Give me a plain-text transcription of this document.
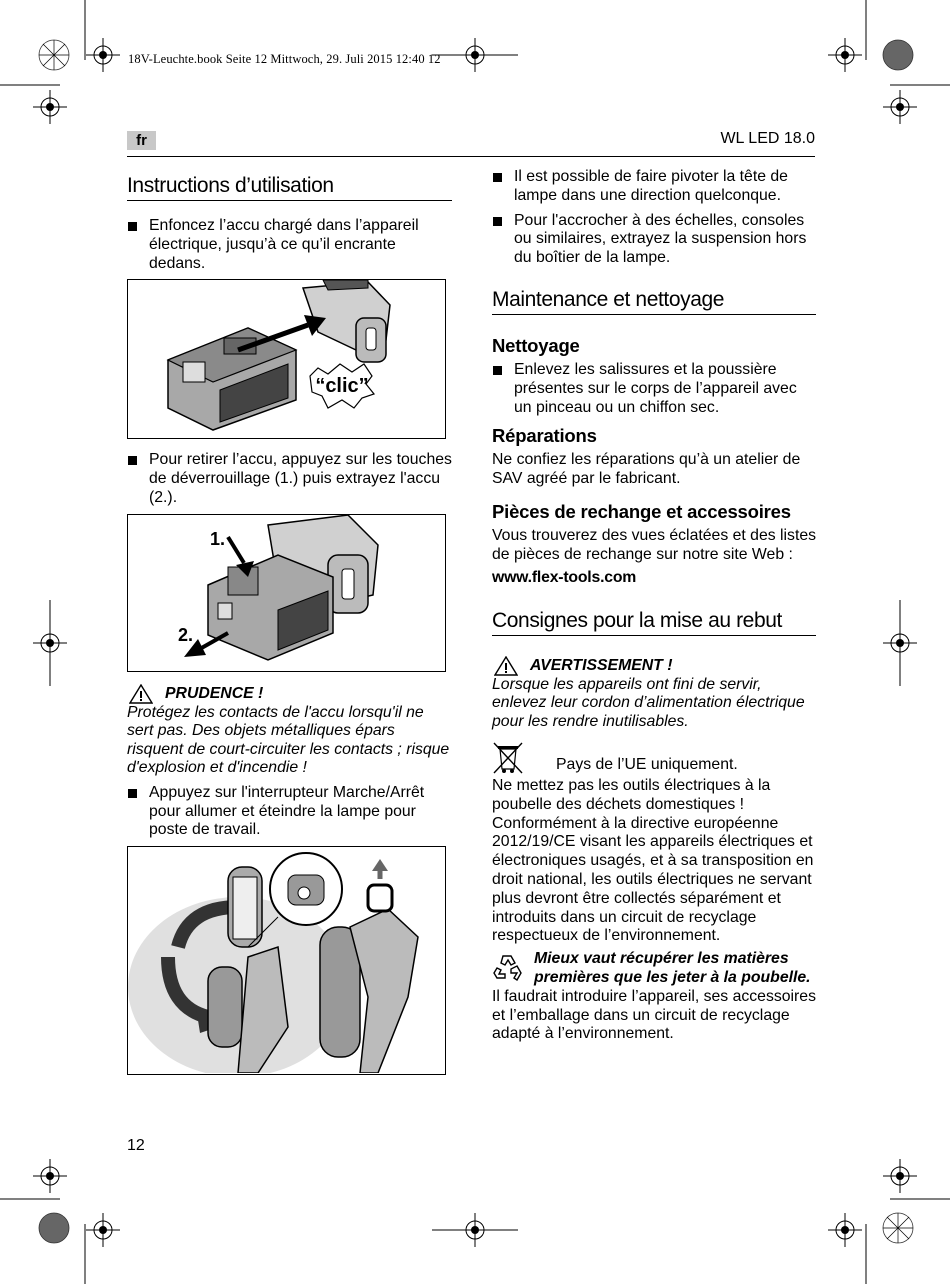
18V-Leuchte.book Seite 12 Mittwoch, 29. Juli 2015 12:40 12
fr	WL LED 18.0
Instructions d’utilisation
Enfoncez l’accu chargé dans l’appareil électrique, jusqu’à ce qu’il encrante dedans.
“clic”
Pour retirer l’accu, appuyez sur les touches de déverrouillage (1.) puis extrayez l'accu (2.).
1.
2.
PRUDENCE !
Protégez les contacts de l'accu lorsqu'il ne sert pas. Des objets métalliques épars risquent de court-circuiter les contacts ; risque d'explosion et d'incendie !
Appuyez sur l'interrupteur Marche/Arrêt pour allumer et éteindre la lampe pour poste de travail.
Il est possible de faire pivoter la tête de lampe dans une direction quelconque.
Pour l'accrocher à des échelles, consoles ou similaires, extrayez la suspension hors du boîtier de la lampe.
Maintenance et nettoyage
Nettoyage
Enlevez les salissures et la poussière présentes sur le corps de l’appareil avec un pinceau ou un chiffon sec.
Réparations
Ne confiez les réparations qu’à un atelier de SAV agréé par le fabricant.
Pièces de rechange et accessoires
Vous trouverez des vues éclatées et des listes de pièces de rechange sur notre site Web :
www.flex-tools.com
Consignes pour la mise au rebut
AVERTISSEMENT !
Lorsque les appareils ont fini de servir, enlevez leur cordon d’alimentation électrique pour les rendre inutilisables.
Pays de l’UE uniquement.
Ne mettez pas les outils électriques à la poubelle des déchets domestiques ! Conformément à la directive européenne 2012/19/CE visant les appareils électriques et électroniques usagés, et à sa transposition en droit national, les outils électriques ne servant plus devront être collectés séparément et introduits dans un circuit de recyclage respectueux de l’environnement.
Mieux vaut récupérer les matières premières que les jeter à la poubelle.
Il faudrait introduire l’appareil, ses accessoires et l’emballage dans un circuit de recyclage adapté à l’environnement.
12
